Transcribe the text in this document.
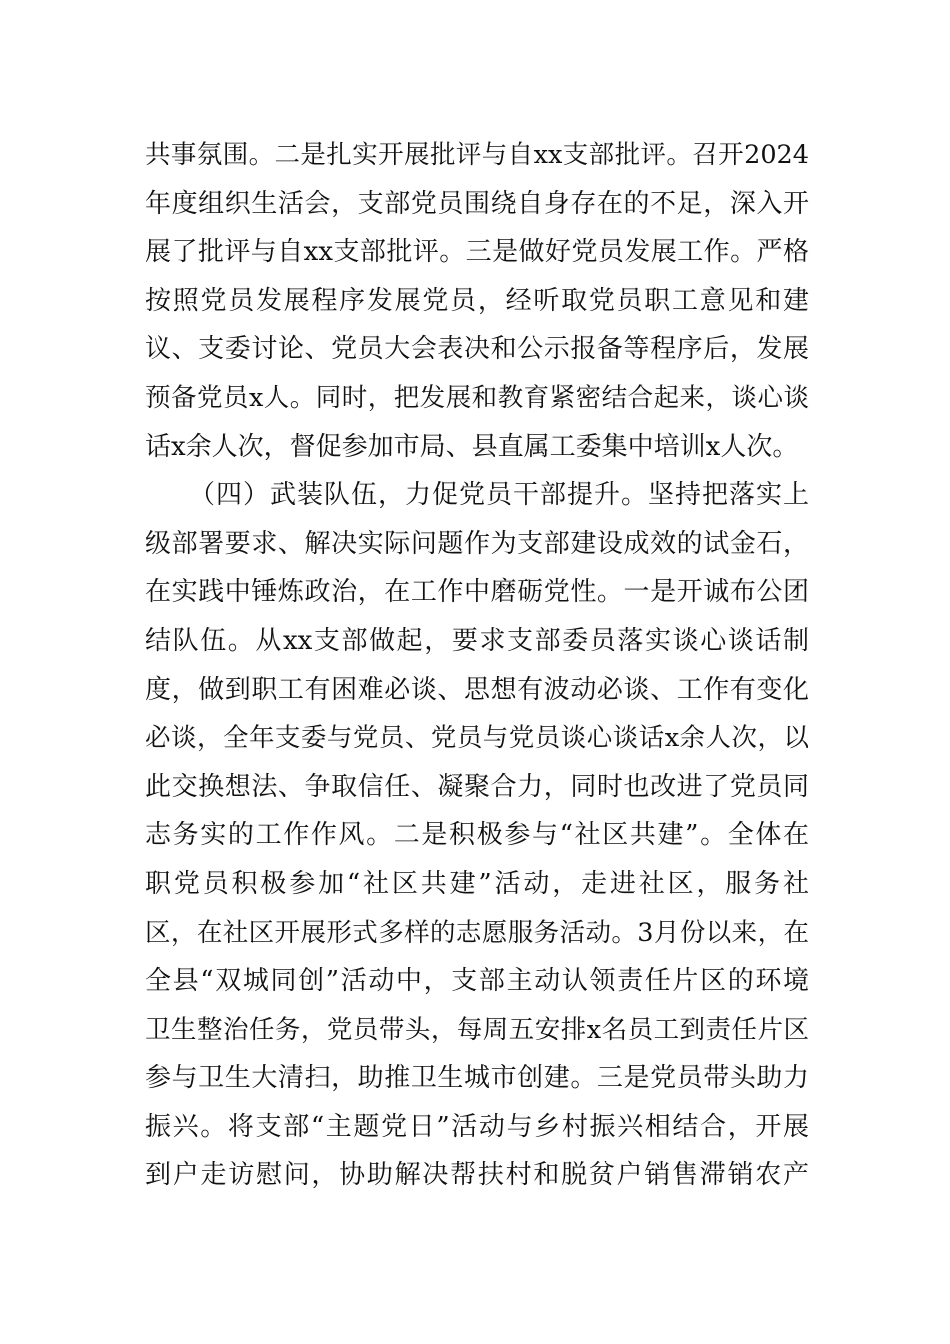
共事氛围。二是扎实开展批评与自xx支部批评。召开2024
年度组织生活会，支部党员围绕自身存在的不足，深入开
展了批评与自xx支部批评。三是做好党员发展工作。严格
按照党员发展程序发展党员，经听取党员职工意见和建
议、支委讨论、党员大会表决和公示报备等程序后，发展
预备党员x人。同时，把发展和教育紧密结合起来，谈心谈
话x余人次，督促参加市局、县直属工委集中培训x人次。
（四）武装队伍，力促党员干部提升。坚持把落实上
级部署要求、解决实际问题作为支部建设成效的试金石，
在实践中锤炼政治，在工作中磨砺党性。一是开诚布公团
结队伍。从xx支部做起，要求支部委员落实谈心谈话制
度，做到职工有困难必谈、思想有波动必谈、工作有变化
必谈，全年支委与党员、党员与党员谈心谈话x余人次，以
此交换想法、争取信任、凝聚合力，同时也改进了党员同
志务实的工作作风。二是积极参与“社区共建”。全体在
职党员积极参加“社区共建”活动，走进社区，服务社
区，在社区开展形式多样的志愿服务活动。3月份以来，在
全县“双城同创”活动中，支部主动认领责任片区的环境
卫生整治任务，党员带头，每周五安排x名员工到责任片区
参与卫生大清扫，助推卫生城市创建。三是党员带头助力
振兴。将支部“主题党日”活动与乡村振兴相结合，开展
到户走访慰问，协助解决帮扶村和脱贫户销售滞销农产
